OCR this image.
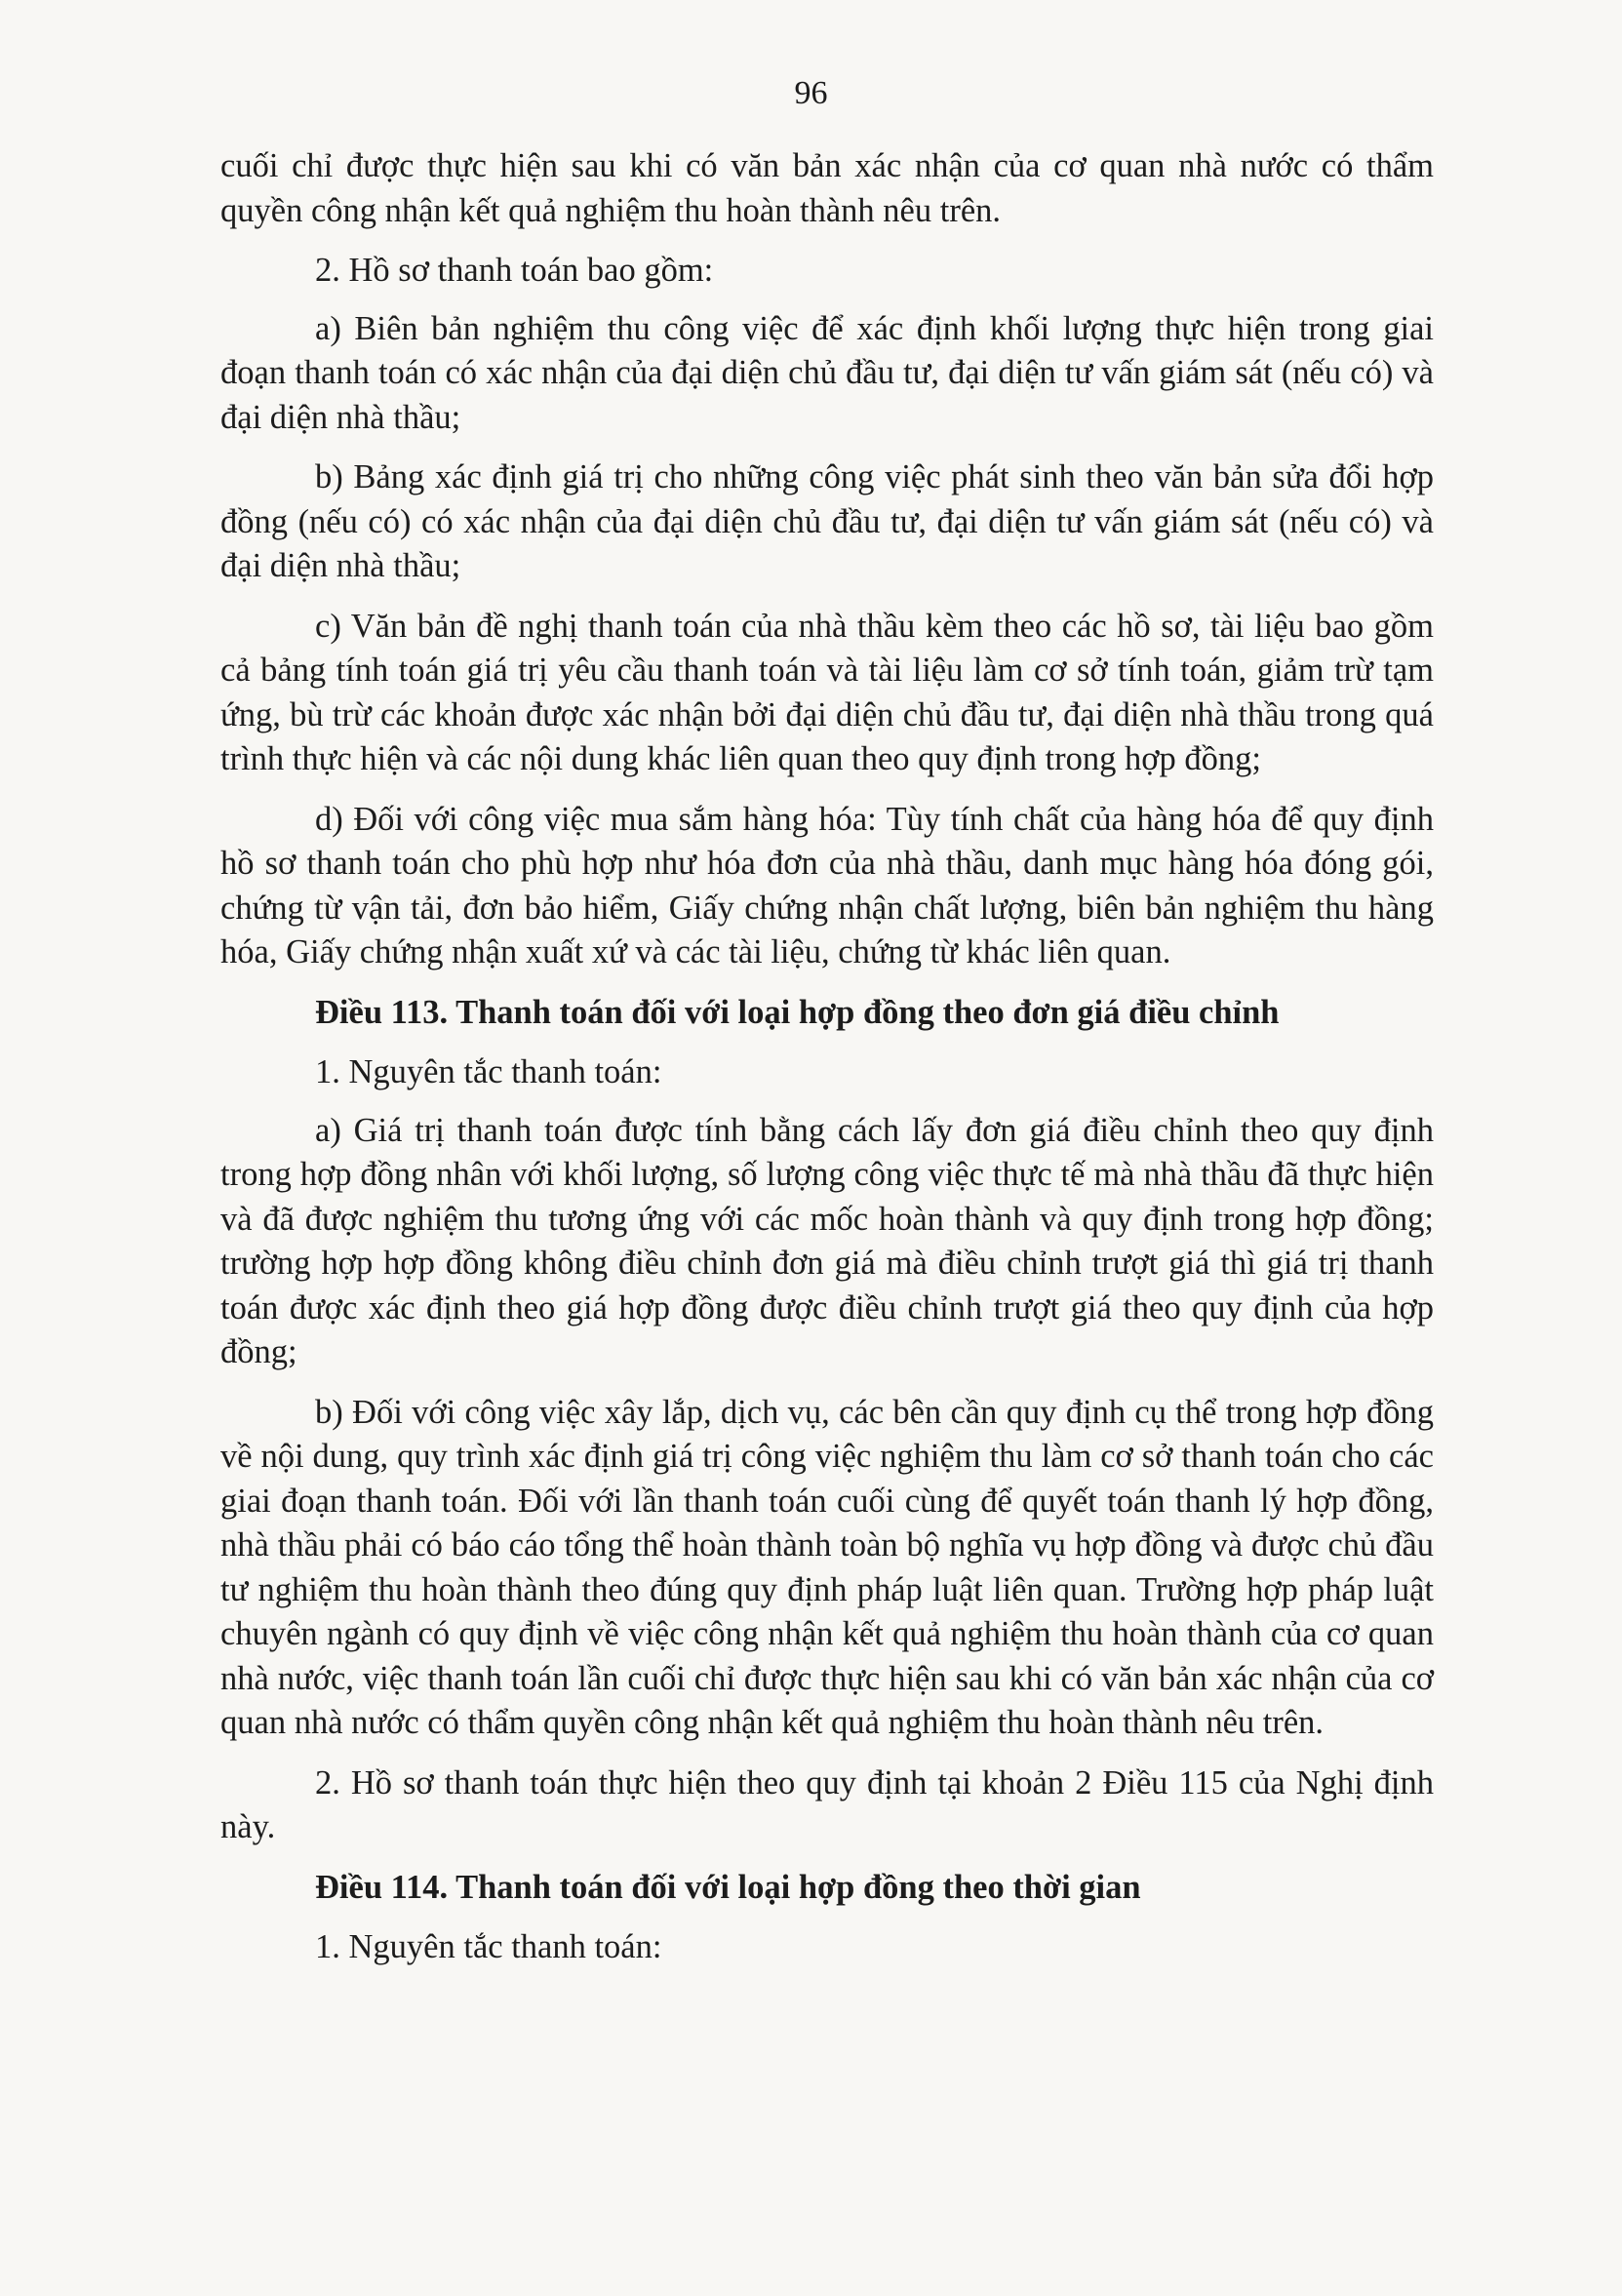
96

cuối chỉ được thực hiện sau khi có văn bản xác nhận của cơ quan nhà nước có thẩm quyền công nhận kết quả nghiệm thu hoàn thành nêu trên.

2. Hồ sơ thanh toán bao gồm:

a) Biên bản nghiệm thu công việc để xác định khối lượng thực hiện trong giai đoạn thanh toán có xác nhận của đại diện chủ đầu tư, đại diện tư vấn giám sát (nếu có) và đại diện nhà thầu;

b) Bảng xác định giá trị cho những công việc phát sinh theo văn bản sửa đổi hợp đồng (nếu có) có xác nhận của đại diện chủ đầu tư, đại diện tư vấn giám sát (nếu có) và đại diện nhà thầu;

c) Văn bản đề nghị thanh toán của nhà thầu kèm theo các hồ sơ, tài liệu bao gồm cả bảng tính toán giá trị yêu cầu thanh toán và tài liệu làm cơ sở tính toán, giảm trừ tạm ứng, bù trừ các khoản được xác nhận bởi đại diện chủ đầu tư, đại diện nhà thầu trong quá trình thực hiện và các nội dung khác liên quan theo quy định trong hợp đồng;

d) Đối với công việc mua sắm hàng hóa: Tùy tính chất của hàng hóa để quy định hồ sơ thanh toán cho phù hợp như hóa đơn của nhà thầu, danh mục hàng hóa đóng gói, chứng từ vận tải, đơn bảo hiểm, Giấy chứng nhận chất lượng, biên bản nghiệm thu hàng hóa, Giấy chứng nhận xuất xứ và các tài liệu, chứng từ khác liên quan.

Điều 113. Thanh toán đối với loại hợp đồng theo đơn giá điều chỉnh

1. Nguyên tắc thanh toán:

a) Giá trị thanh toán được tính bằng cách lấy đơn giá điều chỉnh theo quy định trong hợp đồng nhân với khối lượng, số lượng công việc thực tế mà nhà thầu đã thực hiện và đã được nghiệm thu tương ứng với các mốc hoàn thành và quy định trong hợp đồng; trường hợp hợp đồng không điều chỉnh đơn giá mà điều chỉnh trượt giá thì giá trị thanh toán được xác định theo giá hợp đồng được điều chỉnh trượt giá theo quy định của hợp đồng;

b) Đối với công việc xây lắp, dịch vụ, các bên cần quy định cụ thể trong hợp đồng về nội dung, quy trình xác định giá trị công việc nghiệm thu làm cơ sở thanh toán cho các giai đoạn thanh toán. Đối với lần thanh toán cuối cùng để quyết toán thanh lý hợp đồng, nhà thầu phải có báo cáo tổng thể hoàn thành toàn bộ nghĩa vụ hợp đồng và được chủ đầu tư nghiệm thu hoàn thành theo đúng quy định pháp luật liên quan. Trường hợp pháp luật chuyên ngành có quy định về việc công nhận kết quả nghiệm thu hoàn thành của cơ quan nhà nước, việc thanh toán lần cuối chỉ được thực hiện sau khi có văn bản xác nhận của cơ quan nhà nước có thẩm quyền công nhận kết quả nghiệm thu hoàn thành nêu trên.

2. Hồ sơ thanh toán thực hiện theo quy định tại khoản 2 Điều 115 của Nghị định này.

Điều 114. Thanh toán đối với loại hợp đồng theo thời gian

1. Nguyên tắc thanh toán:
